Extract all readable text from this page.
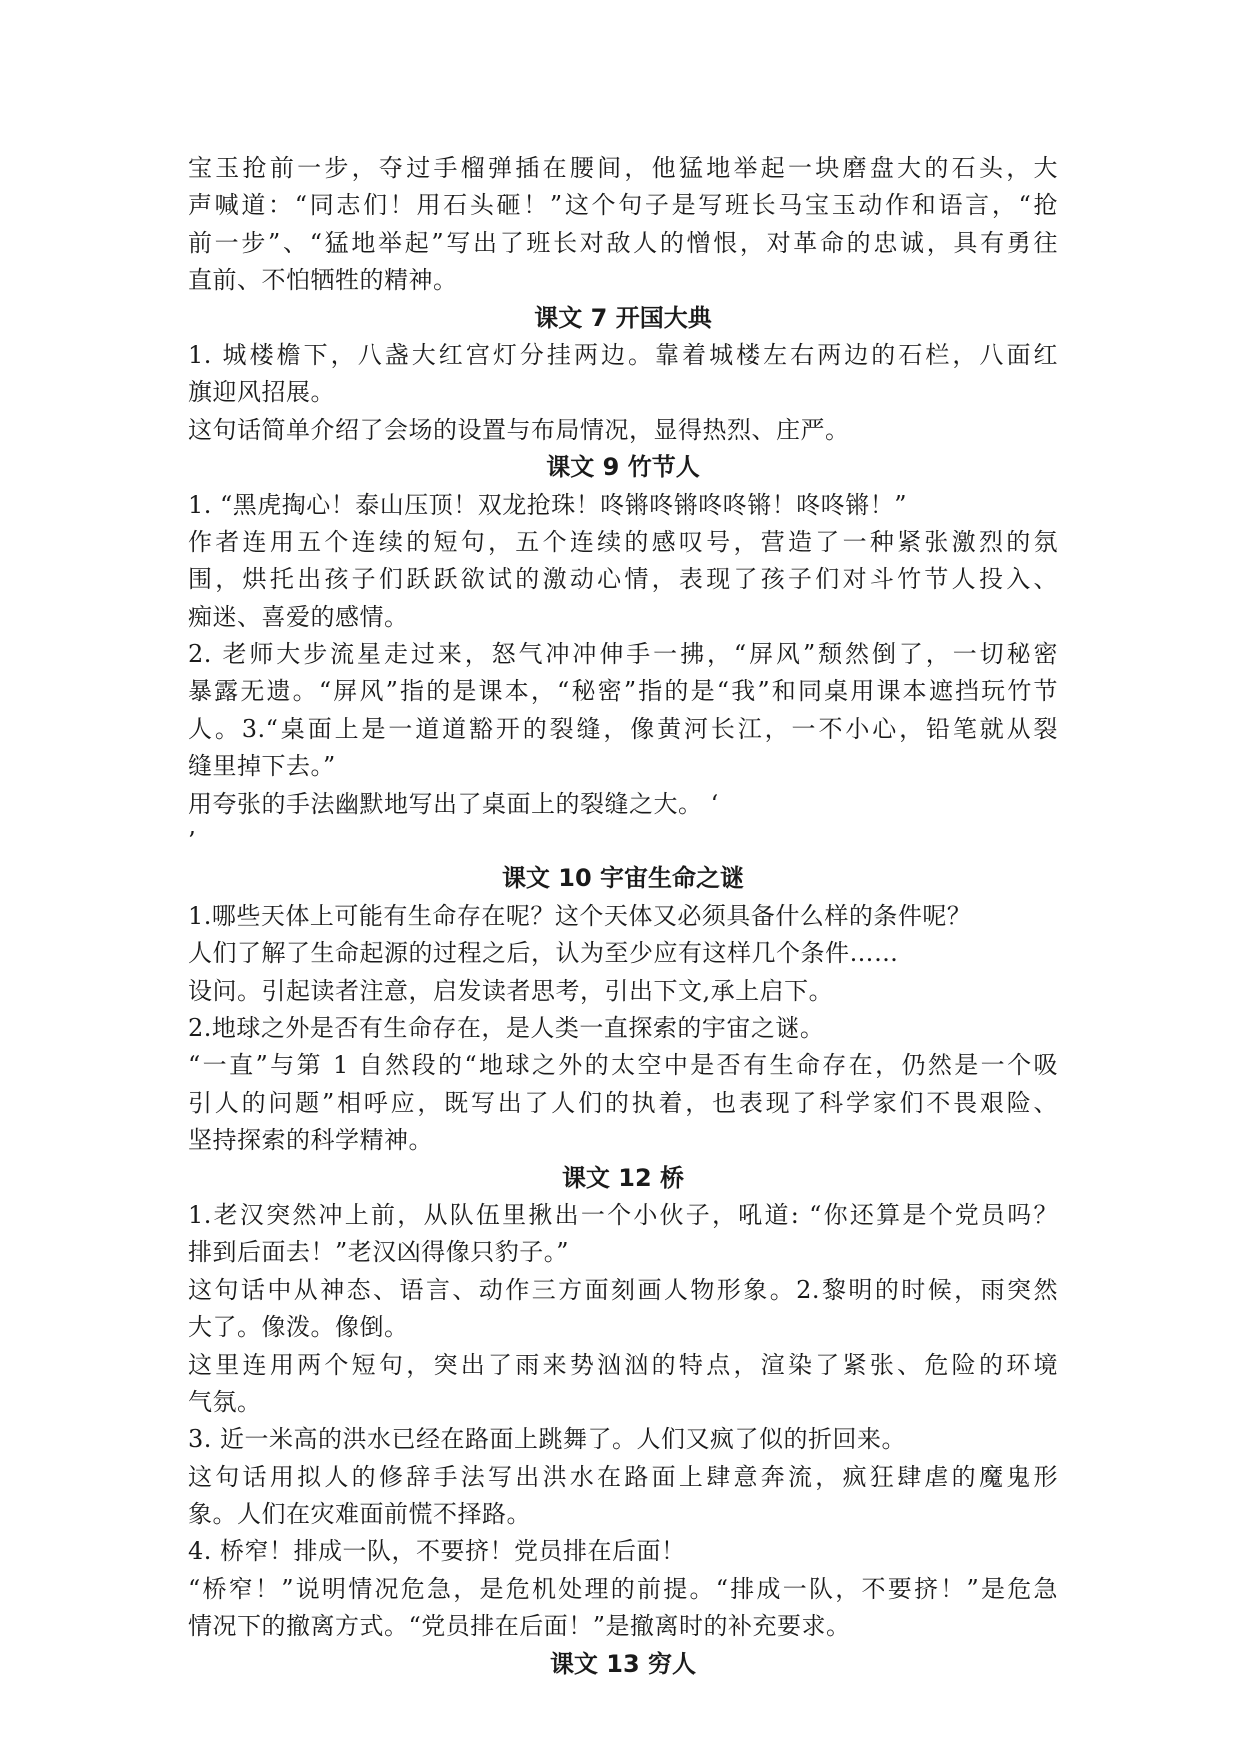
宝玉抢前一步，夺过手榴弹插在腰间，他猛地举起一块磨盘大的石头，大
声喊道：“同志们！用石头砸！”这个句子是写班长马宝玉动作和语言，“抢
前一步”、“猛地举起”写出了班长对敌人的憎恨，对革命的忠诚，具有勇往
直前、不怕牺牲的精神。
课文 7 开国大典
1. 城楼檐下，八盏大红宫灯分挂两边。靠着城楼左右两边的石栏，八面红
旗迎风招展。
这句话简单介绍了会场的设置与布局情况，显得热烈、庄严。
课文 9 竹节人
1. “黑虎掏心！泰山压顶！双龙抢珠！咚锵咚锵咚咚锵！咚咚锵！”
作者连用五个连续的短句，五个连续的感叹号，营造了一种紧张激烈的氛
围，烘托出孩子们跃跃欲试的激动心情，表现了孩子们对斗竹节人投入、
痴迷、喜爱的感情。
2. 老师大步流星走过来，怒气冲冲伸手一拂，“屏风”颓然倒了，一切秘密
暴露无遗。“屏风”指的是课本，“秘密”指的是“我”和同桌用课本遮挡玩竹节
人。3.“桌面上是一道道豁开的裂缝，像黄河长江，一不小心，铅笔就从裂
缝里掉下去。”
用夸张的手法幽默地写出了桌面上的裂缝之大。 ‘
’
课文 10 宇宙生命之谜
1.哪些天体上可能有生命存在呢？这个天体又必须具备什么样的条件呢？
人们了解了生命起源的过程之后，认为至少应有这样几个条件……
设问。引起读者注意，启发读者思考，引出下文,承上启下。
2.地球之外是否有生命存在，是人类一直探索的宇宙之谜。
“一直”与第 1 自然段的“地球之外的太空中是否有生命存在，仍然是一个吸
引人的问题”相呼应，既写出了人们的执着，也表现了科学家们不畏艰险、
坚持探索的科学精神。
课文 12 桥
1.老汉突然冲上前，从队伍里揪出一个小伙子，吼道: “你还算是个党员吗？
排到后面去！”老汉凶得像只豹子。”
这句话中从神态、语言、动作三方面刻画人物形象。2.黎明的时候，雨突然
大了。像泼。像倒。
这里连用两个短句，突出了雨来势汹汹的特点，渲染了紧张、危险的环境
气氛。
3. 近一米高的洪水已经在路面上跳舞了。人们又疯了似的折回来。
这句话用拟人的修辞手法写出洪水在路面上肆意奔流，疯狂肆虐的魔鬼形
象。人们在灾难面前慌不择路。
4. 桥窄！排成一队，不要挤！党员排在后面！
“桥窄！”说明情况危急，是危机处理的前提。“排成一队，不要挤！”是危急
情况下的撤离方式。“党员排在后面！”是撤离时的补充要求。
课文 13 穷人
